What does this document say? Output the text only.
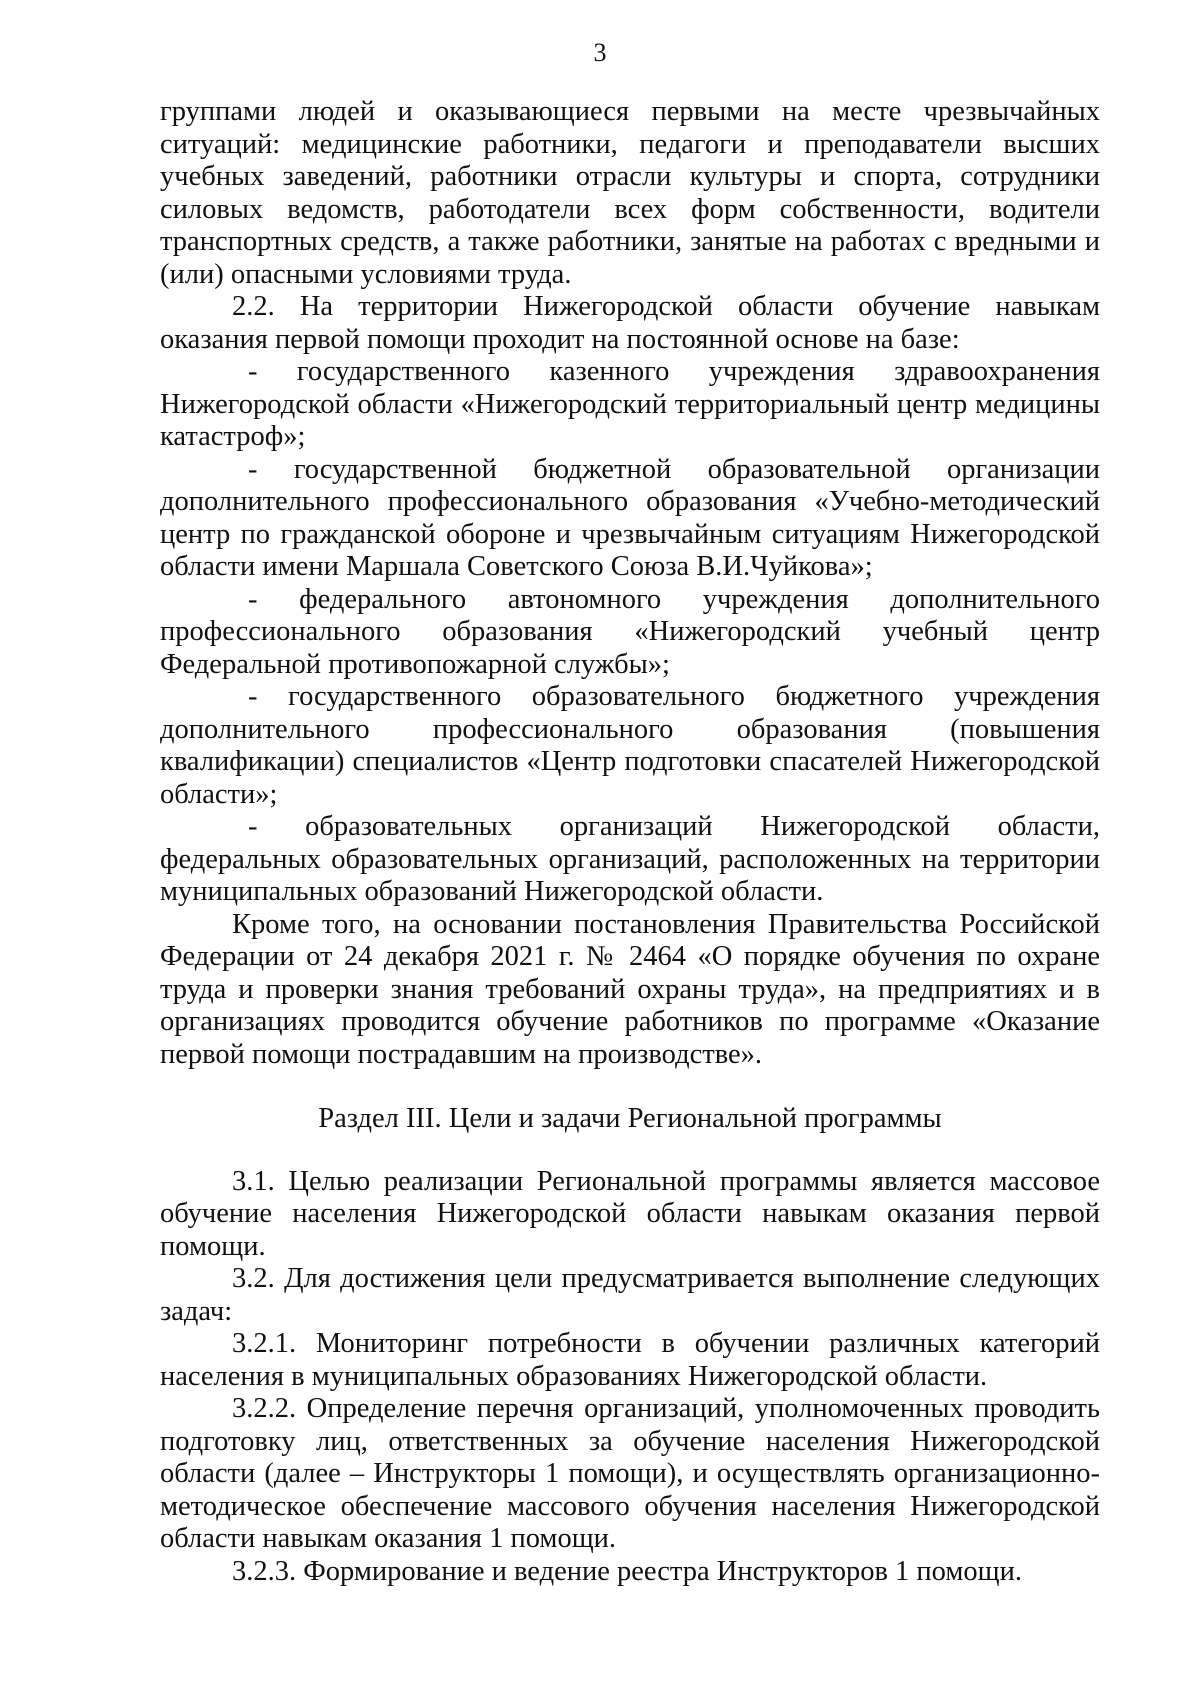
3

группами людей и оказывающиеся первыми на месте чрезвычайных ситуаций: медицинские работники, педагоги и преподаватели высших учебных заведений, работники отрасли культуры и спорта, сотрудники силовых ведомств, работодатели всех форм собственности, водители транспортных средств, а также работники, занятые на работах с вредными и (или) опасными условиями труда.

2.2. На территории Нижегородской области обучение навыкам оказания первой помощи проходит на постоянной основе на базе:

- государственного казенного учреждения здравоохранения Нижегородской области «Нижегородский территориальный центр медицины катастроф»;

- государственной бюджетной образовательной организации дополнительного профессионального образования «Учебно-методический центр по гражданской обороне и чрезвычайным ситуациям Нижегородской области имени Маршала Советского Союза В.И.Чуйкова»;

- федерального автономного учреждения дополнительного профессионального образования «Нижегородский учебный центр Федеральной противопожарной службы»;

- государственного образовательного бюджетного учреждения дополнительного профессионального образования (повышения квалификации) специалистов «Центр подготовки спасателей Нижегородской области»;

- образовательных организаций Нижегородской области, федеральных образовательных организаций, расположенных на территории муниципальных образований Нижегородской области.

Кроме того, на основании постановления Правительства Российской Федерации от 24 декабря 2021 г. № 2464 «О порядке обучения по охране труда и проверки знания требований охраны труда», на предприятиях и в организациях проводится обучение работников по программе «Оказание первой помощи пострадавшим на производстве».

Раздел III. Цели и задачи Региональной программы

3.1. Целью реализации Региональной программы является массовое обучение населения Нижегородской области навыкам оказания первой помощи.

3.2. Для достижения цели предусматривается выполнение следующих задач:

3.2.1. Мониторинг потребности в обучении различных категорий населения в муниципальных образованиях Нижегородской области.

3.2.2. Определение перечня организаций, уполномоченных проводить подготовку лиц, ответственных за обучение населения Нижегородской области (далее – Инструкторы 1 помощи), и осуществлять организационно-методическое обеспечение массового обучения населения Нижегородской области навыкам оказания 1 помощи.

3.2.3. Формирование и ведение реестра Инструкторов 1 помощи.
